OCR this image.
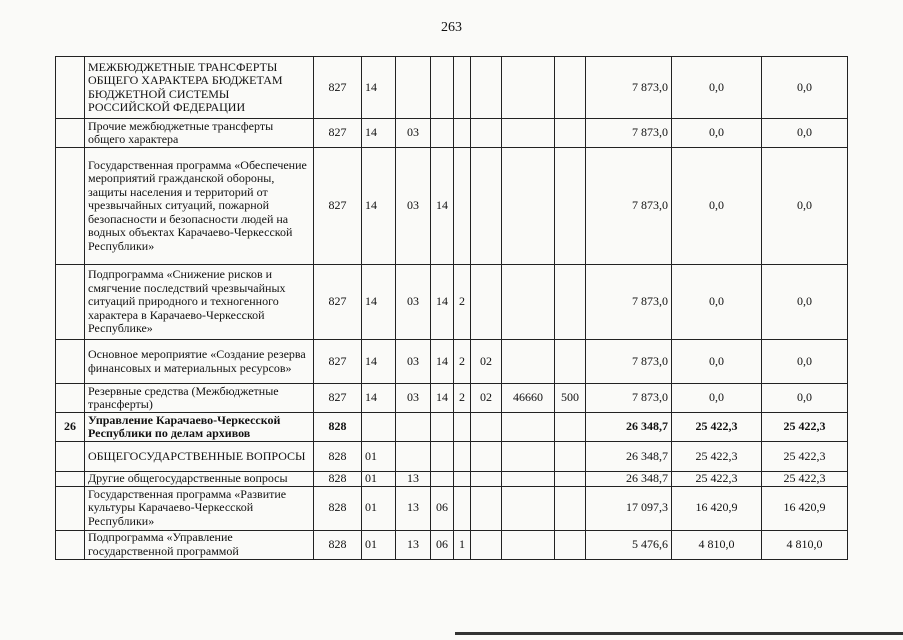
263
	МЕЖБЮДЖЕТНЫЕ ТРАНСФЕРТЫ ОБЩЕГО ХАРАКТЕРА БЮДЖЕТАМ БЮДЖЕТНОЙ СИСТЕМЫ РОССИЙСКОЙ ФЕДЕРАЦИИ	827	14							7 873,0	0,0	0,0
	Прочие межбюджетные трансферты общего характера	827	14	03						7 873,0	0,0	0,0
	Государственная программа «Обеспечение мероприятий гражданской обороны, защиты населения и территорий от чрезвычайных ситуаций, пожарной безопасности и безопасности людей на водных объектах Карачаево-Черкесской Республики»	827	14	03	14					7 873,0	0,0	0,0
	Подпрограмма «Снижение рисков и смягчение последствий чрезвычайных ситуаций природного и техногенного характера в Карачаево-Черкесской Республике»	827	14	03	14	2				7 873,0	0,0	0,0
	Основное мероприятие «Создание резерва финансовых и материальных ресурсов»	827	14	03	14	2	02			7 873,0	0,0	0,0
	Резервные средства (Межбюджетные трансферты)	827	14	03	14	2	02	46660	500	7 873,0	0,0	0,0
26	Управление Карачаево-Черкесской Республики по делам архивов	828								26 348,7	25 422,3	25 422,3
	ОБЩЕГОСУДАРСТВЕННЫЕ ВОПРОСЫ	828	01							26 348,7	25 422,3	25 422,3
	Другие общегосударственные вопросы	828	01	13						26 348,7	25 422,3	25 422,3
	Государственная программа «Развитие культуры Карачаево-Черкесской Республики»	828	01	13	06					17 097,3	16 420,9	16 420,9
	Подпрограмма «Управление государственной программой	828	01	13	06	1				5 476,6	4 810,0	4 810,0
